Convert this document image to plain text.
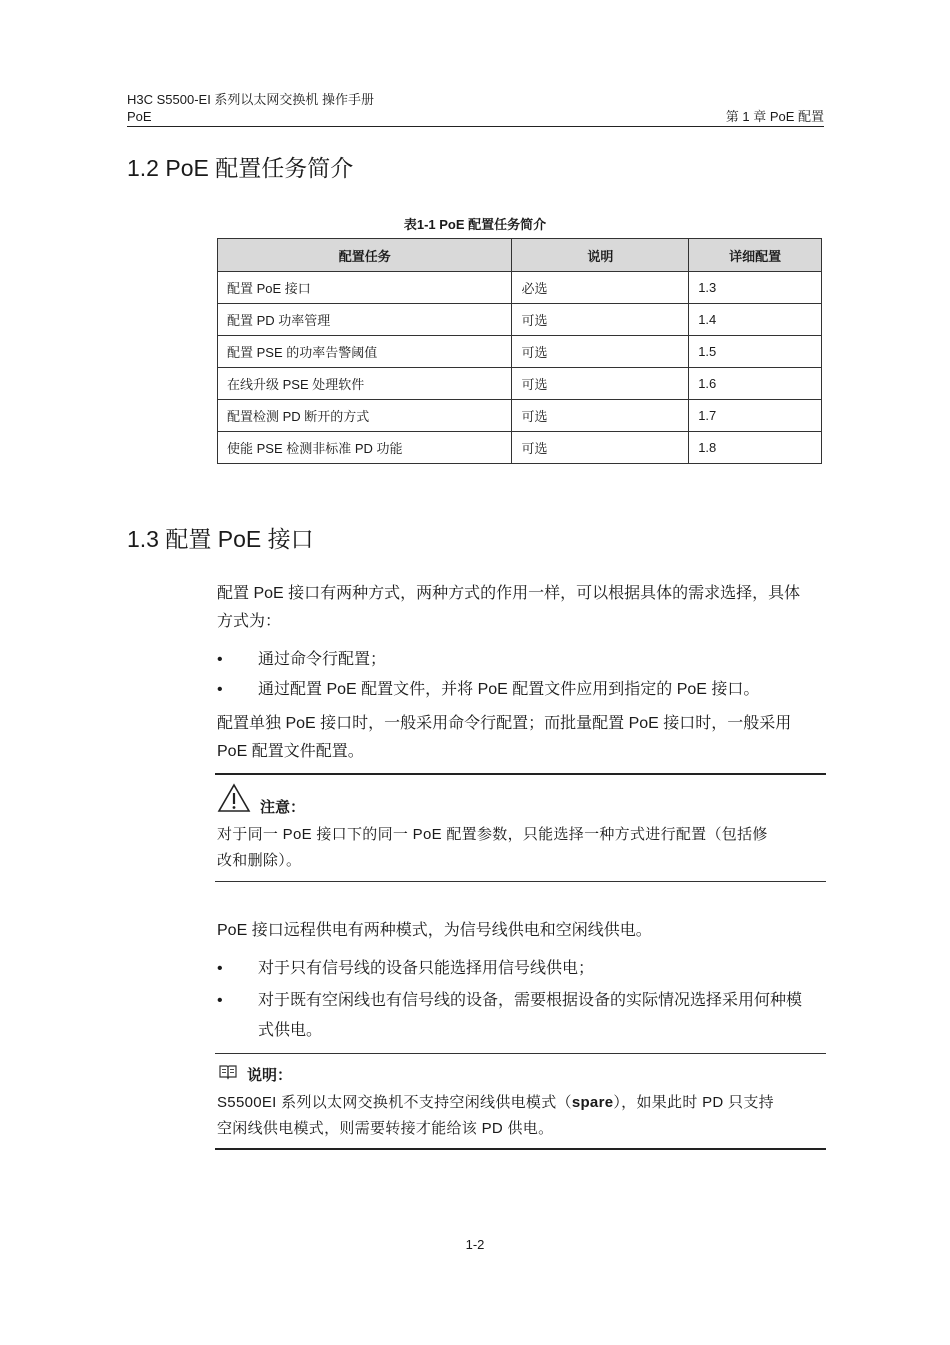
H3C S5500-EI 系列以太网交换机 操作手册
PoE	第 1 章 PoE 配置
1.2 PoE 配置任务简介
表1-1 PoE 配置任务简介
配置任务	说明	详细配置
配置 PoE 接口	必选	1.3
配置 PD 功率管理	可选	1.4
配置 PSE 的功率告警阈值	可选	1.5
在线升级 PSE 处理软件	可选	1.6
配置检测 PD 断开的方式	可选	1.7
使能 PSE 检测非标准 PD 功能	可选	1.8
1.3 配置 PoE 接口
配置 PoE 接口有两种方式，两种方式的作用一样，可以根据具体的需求选择，具体
方式为：
•	通过命令行配置；
•	通过配置 PoE 配置文件，并将 PoE 配置文件应用到指定的 PoE 接口。
配置单独 PoE 接口时，一般采用命令行配置；而批量配置 PoE 接口时，一般采用
PoE 配置文件配置。
注意：
对于同一 PoE 接口下的同一 PoE 配置参数，只能选择一种方式进行配置（包括修
改和删除）。
PoE 接口远程供电有两种模式，为信号线供电和空闲线供电。
•	对于只有信号线的设备只能选择用信号线供电；
•	对于既有空闲线也有信号线的设备，需要根据设备的实际情况选择采用何种模
式供电。
说明：
S5500EI 系列以太网交换机不支持空闲线供电模式（spare），如果此时 PD 只支持
空闲线供电模式，则需要转接才能给该 PD 供电。
1-2
